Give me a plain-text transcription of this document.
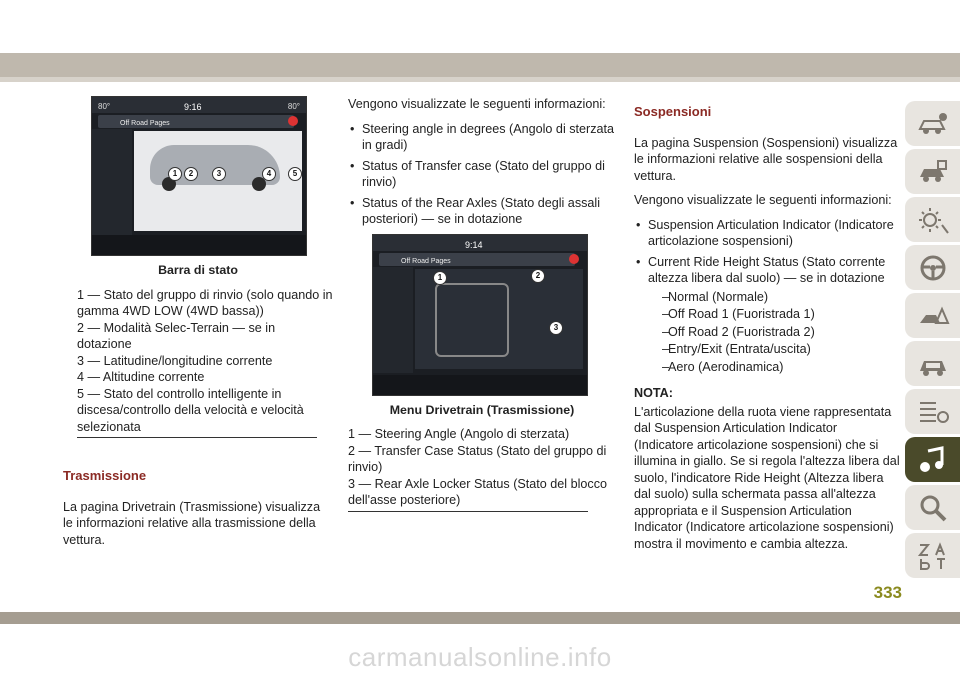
80°	9:16	80°
Off Road Pages
1	2	3	4	5
Barra di stato

1 — Stato del gruppo di rinvio (solo quando in gamma 4WD LOW (4WD bassa))

2 — Modalità Selec-Terrain — se in dotazione

3 — Latitudine/longitudine corrente

4 — Altitudine corrente

5 — Stato del controllo intelligente in discesa/controllo della velocità e velocità selezionata

Trasmissione

La pagina Drivetrain (Trasmissione) visualizza le informazioni relative alla trasmissione della vettura.

Vengono visualizzate le seguenti informazioni:

• Steering angle in degrees (Angolo di sterzata in gradi)
• Status of Transfer case (Stato del gruppo di rinvio)
• Status of the Rear Axles (Stato degli assali posteriori) — se in dotazione
9:14
Off Road Pages
1	2
3
Menu Drivetrain (Trasmissione)

1 — Steering Angle (Angolo di sterzata)

2 — Transfer Case Status (Stato del gruppo di rinvio)

3 — Rear Axle Locker Status (Stato del blocco dell'asse posteriore)

Sospensioni

La pagina Suspension (Sospensioni) visualizza le informazioni relative alle sospensioni della vettura.

Vengono visualizzate le seguenti informazioni:

• Suspension Articulation Indicator (Indicatore articolazione sospensioni)
• Current Ride Height Status (Stato corrente altezza libera dal suolo) — se in dotazione
– Normal (Normale)
– Off Road 1 (Fuoristrada 1)
– Off Road 2 (Fuoristrada 2)
– Entry/Exit (Entrata/uscita)
– Aero (Aerodinamica)
NOTA:

L'articolazione della ruota viene rappresentata dal Suspension Articulation Indicator (Indicatore articolazione sospensioni) che si illumina in giallo. Se si regola l'altezza libera dal suolo, l'indicatore Ride Height (Altezza libera dal suolo) sulla schermata passa all'altezza appropriata e il Suspension Articulation Indicator (Indicatore articolazione sospensioni) mostra il movimento e cambia altezza.

333
carmanualsonline.info
